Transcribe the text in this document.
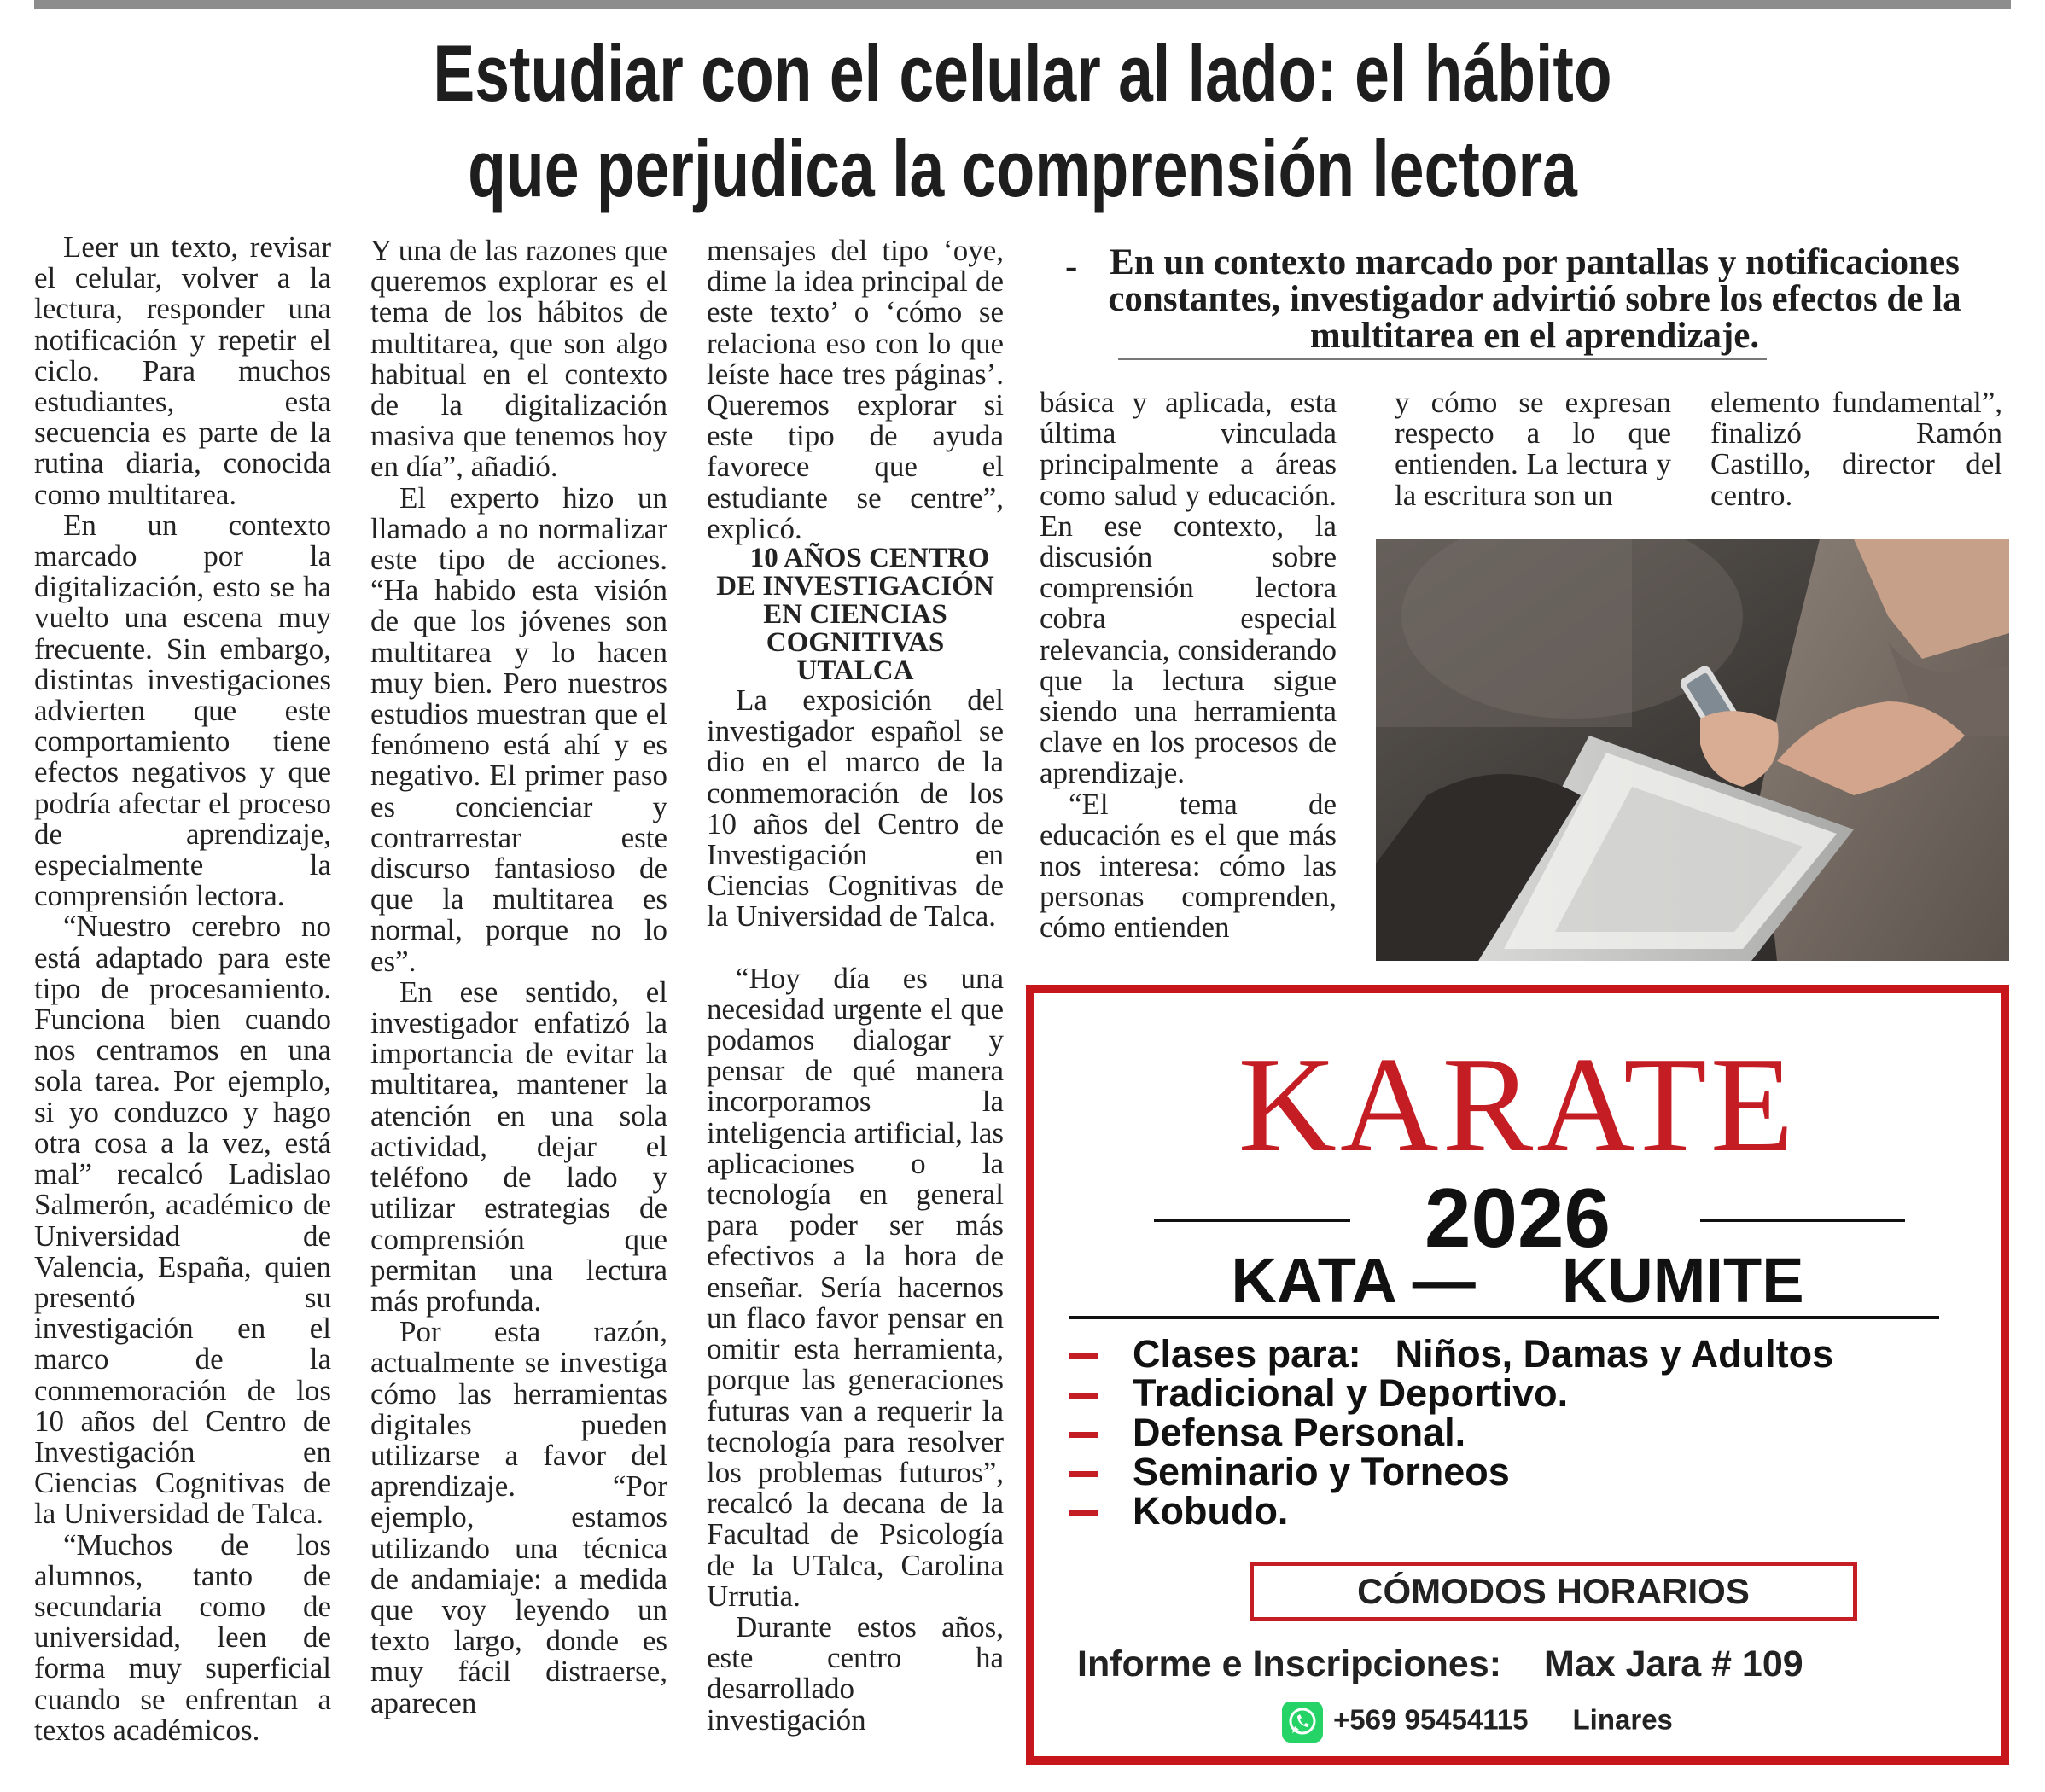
Estudiar con el celular al lado: el hábito
que perjudica la comprensión lectora

Leer un texto, revisar el celular, volver a la lectura, responder una notificación y repetir el ciclo. Para muchos estudiantes, esta secuencia es parte de la rutina diaria, conocida como multitarea.

En un contexto marcado por la digitalización, esto se ha vuelto una escena muy frecuente. Sin embargo, distintas investigaciones advierten que este comportamiento tiene efectos negativos y que podría afectar el proceso de aprendizaje, especialmente la comprensión lectora.

“Nuestro cerebro no está adaptado para este tipo de procesamiento. Funciona bien cuando nos centramos en una sola tarea. Por ejemplo, si yo conduzco y hago otra cosa a la vez, está mal” recalcó Ladislao Salmerón, académico de Universidad de Valencia, España, quien presentó su investigación en el marco de la conmemoración de los 10 años del Centro de Investigación en Ciencias Cognitivas de la Universidad de Talca.

“Muchos de los alumnos, tanto de secundaria como de universidad, leen de forma muy superficial cuando se enfrentan a textos académicos.

Y una de las razones que queremos explorar es el tema de los hábitos de multitarea, que son algo habitual en el contexto de la digitalización masiva que tenemos hoy en día”, añadió.

El experto hizo un llamado a no normalizar este tipo de acciones. “Ha habido esta visión de que los jóvenes son multitarea y lo hacen muy bien. Pero nuestros estudios muestran que el fenómeno está ahí y es negativo. El primer paso es concienciar y contrarrestar este discurso fantasioso de que la multitarea es normal, porque no lo es”.

En ese sentido, el investigador enfatizó la importancia de evitar la multitarea, mantener la atención en una sola actividad, dejar el teléfono de lado y utilizar estrategias de comprensión que permitan una lectura más profunda.

Por esta razón, actualmente se investiga cómo las herramientas digitales pueden utilizarse a favor del aprendizaje. “Por ejemplo, estamos utilizando una técnica de andamiaje: a medida que voy leyendo un texto largo, donde es muy fácil distraerse, aparecen

mensajes del tipo ‘oye, dime la idea principal de este texto’ o ‘cómo se relaciona eso con lo que leíste hace tres páginas’. Queremos explorar si este tipo de ayuda favorece que el estudiante se centre”, explicó.

10 AÑOS CENTRO DE INVESTIGACIÓN EN CIENCIAS COGNITIVAS UTALCA

La exposición del investigador español se dio en el marco de la conmemoración de los 10 años del Centro de Investigación en Ciencias Cognitivas de la Universidad de Talca.

“Hoy día es una necesidad urgente el que podamos dialogar y pensar de qué manera incorporamos la inteligencia artificial, las aplicaciones o la tecnología en general para poder ser más efectivos a la hora de enseñar. Sería hacernos un flaco favor pensar en omitir esta herramienta, porque las generaciones futuras van a requerir la tecnología para resolver los problemas futuros”, recalcó la decana de la Facultad de Psicología de la UTalca, Carolina Urrutia.

Durante estos años, este centro ha desarrollado investigación

- En un contexto marcado por pantallas y notificaciones constantes, investigador advirtió sobre los efectos de la multitarea en el aprendizaje.

básica y aplicada, esta última vinculada principalmente a áreas como salud y educación. En ese contexto, la discusión sobre comprensión lectora cobra especial relevancia, considerando que la lectura sigue siendo una herramienta clave en los procesos de aprendizaje.

“El tema de educación es el que más nos interesa: cómo las personas comprenden, cómo entienden

y cómo se expresan respecto a lo que entienden. La lectura y la escritura son un

elemento fundamental”, finalizó Ramón Castillo, director del centro.

KARATE
2026
KATA — KUMITE
Clases para: Niños, Damas y Adultos
Tradicional y Deportivo.
Defensa Personal.
Seminario y Torneos
Kobudo.
CÓMODOS HORARIOS
Informe e Inscripciones: Max Jara # 109
+569 95454115 Linares
